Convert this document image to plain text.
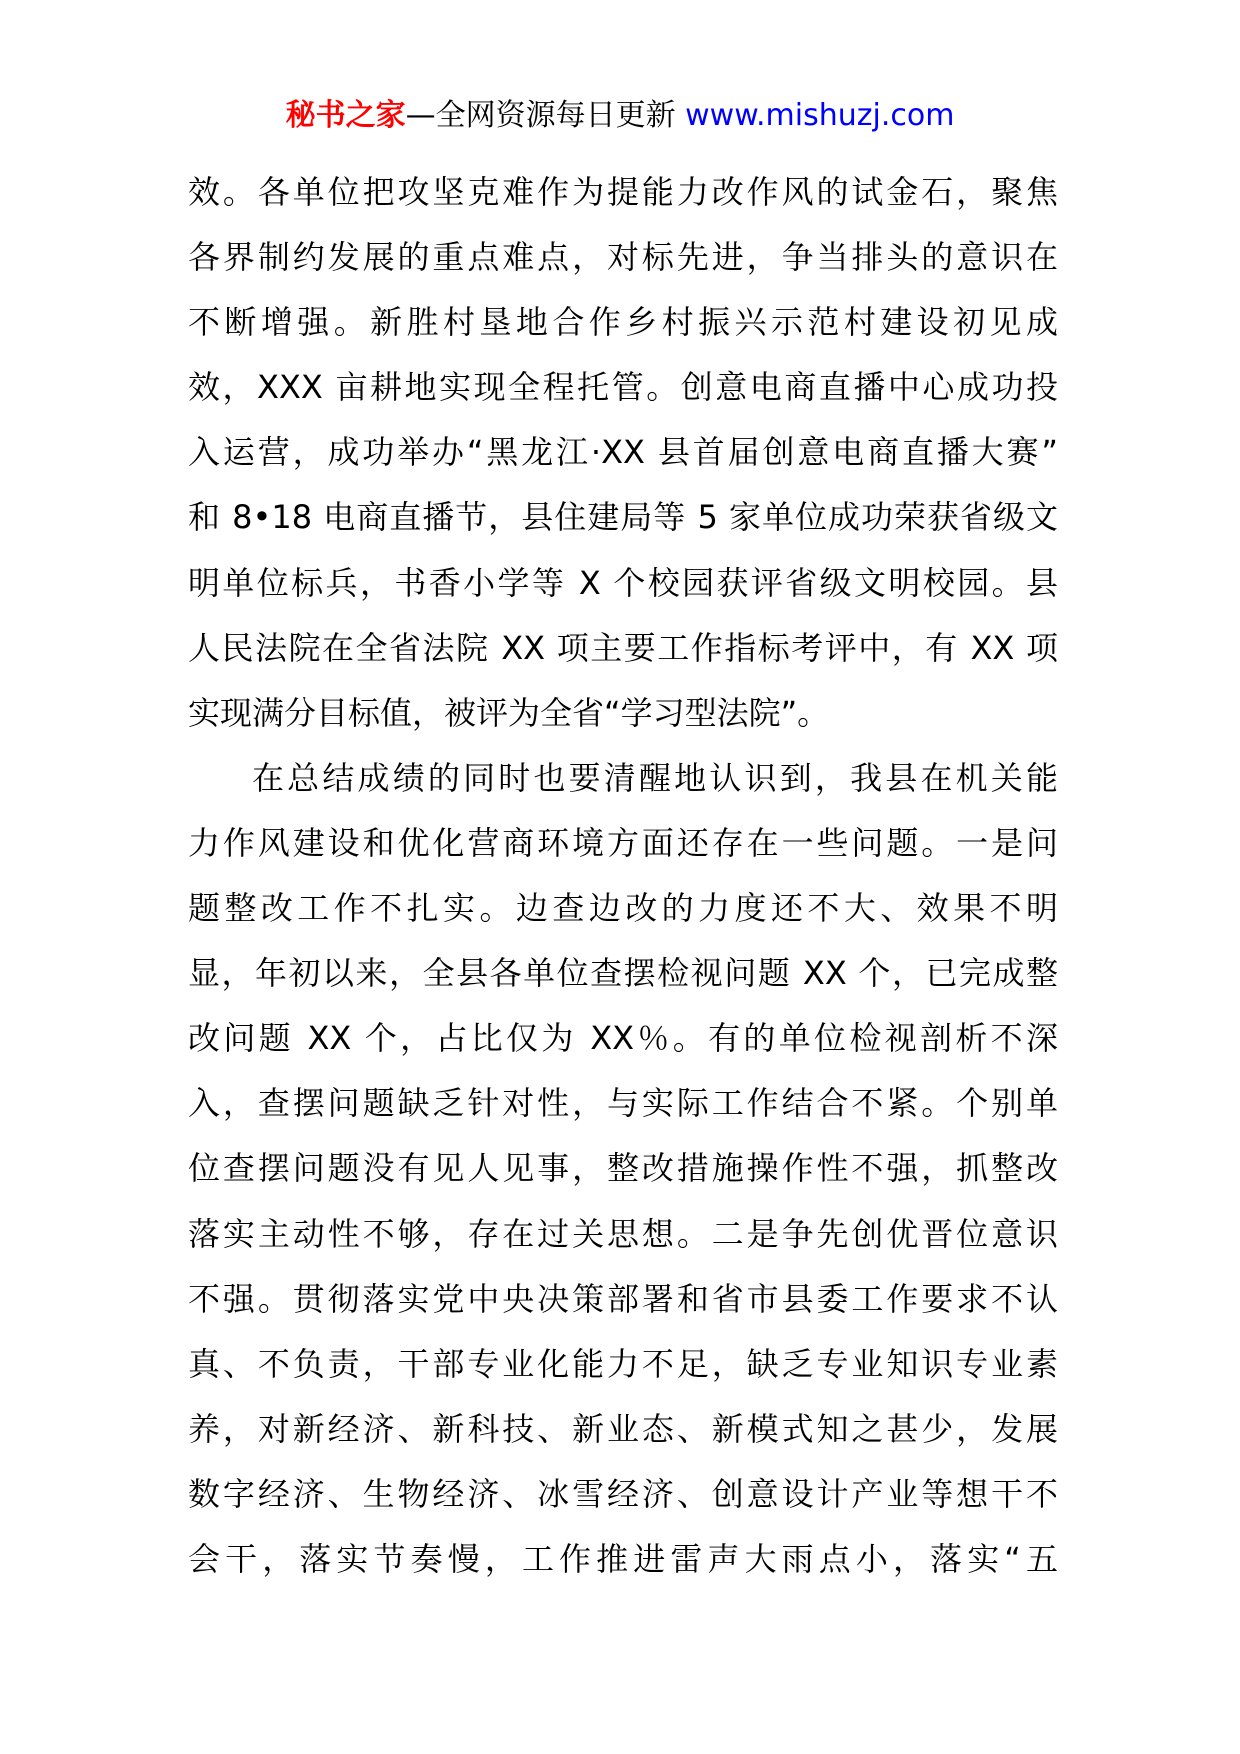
秘书之家—全网资源每日更新 www.mishuzj.com
效。各单位把攻坚克难作为提能力改作风的试金石，聚焦
各界制约发展的重点难点，对标先进，争当排头的意识在
不断增强。新胜村垦地合作乡村振兴示范村建设初见成
效，XXX 亩耕地实现全程托管。创意电商直播中心成功投
入运营，成功举办“黑龙江·XX 县首届创意电商直播大赛”
和 8•18 电商直播节，县住建局等 5 家单位成功荣获省级文
明单位标兵，书香小学等 X 个校园获评省级文明校园。县
人民法院在全省法院 XX 项主要工作指标考评中，有 XX 项
实现满分目标值，被评为全省“学习型法院”。
在总结成绩的同时也要清醒地认识到，我县在机关能
力作风建设和优化营商环境方面还存在一些问题。一是问
题整改工作不扎实。边查边改的力度还不大、效果不明
显，年初以来，全县各单位查摆检视问题 XX 个，已完成整
改问题 XX 个，占比仅为 XX％。有的单位检视剖析不深
入，查摆问题缺乏针对性，与实际工作结合不紧。个别单
位查摆问题没有见人见事，整改措施操作性不强，抓整改
落实主动性不够，存在过关思想。二是争先创优晋位意识
不强。贯彻落实党中央决策部署和省市县委工作要求不认
真、不负责，干部专业化能力不足，缺乏专业知识专业素
养，对新经济、新科技、新业态、新模式知之甚少，发展
数字经济、生物经济、冰雪经济、创意设计产业等想干不
会干，落实节奏慢，工作推进雷声大雨点小，落实“五
